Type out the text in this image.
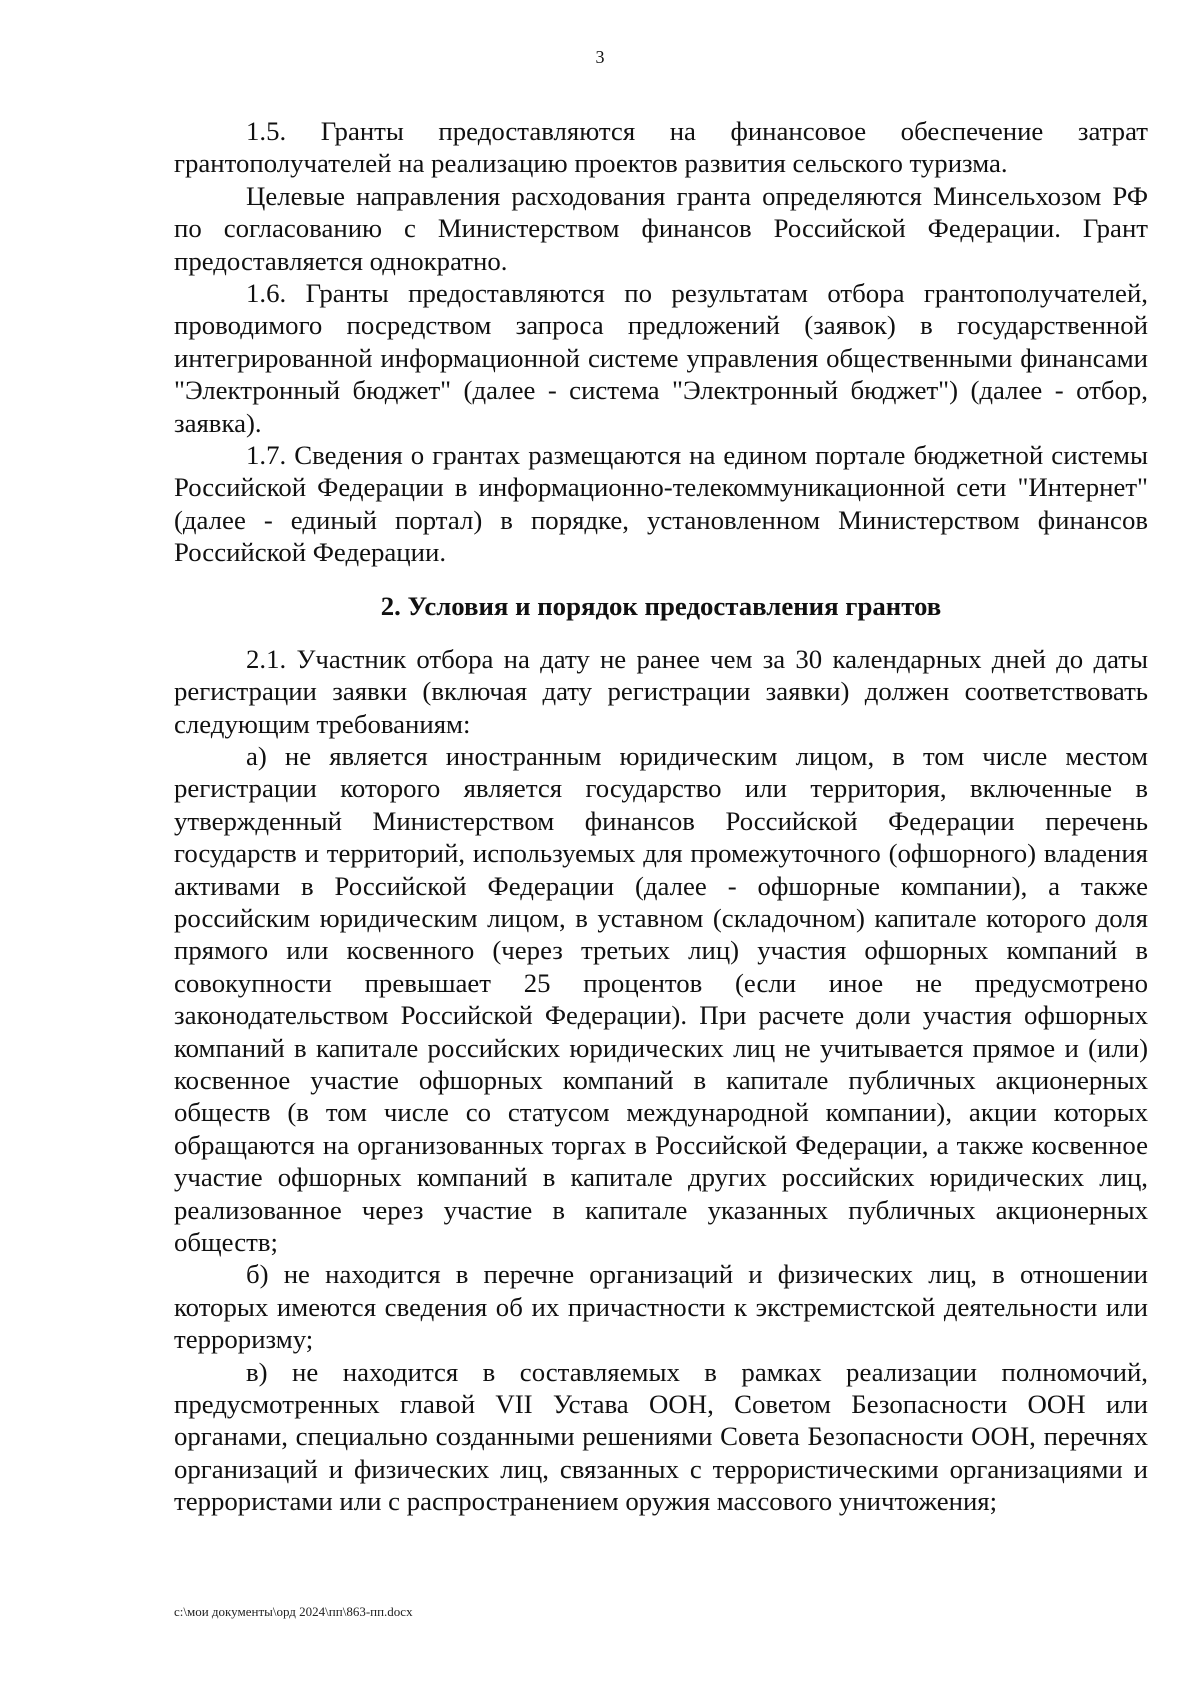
3

1.5. Гранты предоставляются на финансовое обеспечение затрат грантополучателей на реализацию проектов развития сельского туризма.

Целевые направления расходования гранта определяются Минсельхозом РФ по согласованию с Министерством финансов Российской Федерации. Грант предоставляется однократно.

1.6. Гранты предоставляются по результатам отбора грантополучателей, проводимого посредством запроса предложений (заявок) в государственной интегрированной информационной системе управления общественными финансами "Электронный бюджет" (далее - система "Электронный бюджет") (далее - отбор, заявка).

1.7. Сведения о грантах размещаются на едином портале бюджетной системы Российской Федерации в информационно-телекоммуникационной сети "Интернет" (далее - единый портал) в порядке, установленном Министерством финансов Российской Федерации.

2. Условия и порядок предоставления грантов

2.1. Участник отбора на дату не ранее чем за 30 календарных дней до даты регистрации заявки (включая дату регистрации заявки) должен соответствовать следующим требованиям:

а) не является иностранным юридическим лицом, в том числе местом регистрации которого является государство или территория, включенные в утвержденный Министерством финансов Российской Федерации перечень государств и территорий, используемых для промежуточного (офшорного) владения активами в Российской Федерации (далее - офшорные компании), а также российским юридическим лицом, в уставном (складочном) капитале которого доля прямого или косвенного (через третьих лиц) участия офшорных компаний в совокупности превышает 25 процентов (если иное не предусмотрено законодательством Российской Федерации). При расчете доли участия офшорных компаний в капитале российских юридических лиц не учитывается прямое и (или) косвенное участие офшорных компаний в капитале публичных акционерных обществ (в том числе со статусом международной компании), акции которых обращаются на организованных торгах в Российской Федерации, а также косвенное участие офшорных компаний в капитале других российских юридических лиц, реализованное через участие в капитале указанных публичных акционерных обществ;

б) не находится в перечне организаций и физических лиц, в отношении которых имеются сведения об их причастности к экстремистской деятельности или терроризму;

в) не находится в составляемых в рамках реализации полномочий, предусмотренных главой VII Устава ООН, Советом Безопасности ООН или органами, специально созданными решениями Совета Безопасности ООН, перечнях организаций и физических лиц, связанных с террористическими организациями и террористами или с распространением оружия массового уничтожения;

c:\мои документы\орд 2024\пп\863-пп.docx
